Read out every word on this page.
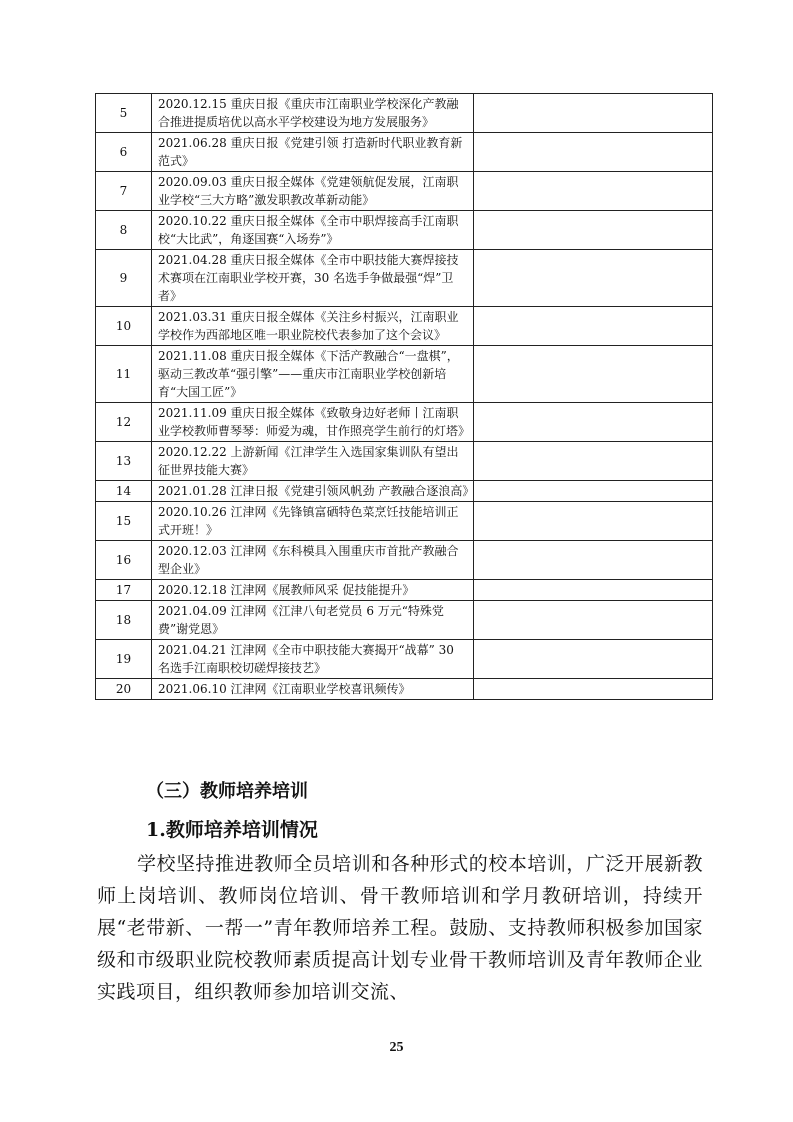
5	2020.12.15 重庆日报《重庆市江南职业学校深化产教融合推进提质培优以高水平学校建设为地方发展服务》	
6	2021.06.28 重庆日报《党建引领 打造新时代职业教育新范式》	
7	2020.09.03 重庆日报全媒体《党建领航促发展，江南职业学校“三大方略”激发职教改革新动能》	
8	2020.10.22 重庆日报全媒体《全市中职焊接高手江南职校“大比武”，角逐国赛“入场券”》	
9	2021.04.28 重庆日报全媒体《全市中职技能大赛焊接技术赛项在江南职业学校开赛，30 名选手争做最强“焊”卫者》	
10	2021.03.31 重庆日报全媒体《关注乡村振兴，江南职业学校作为西部地区唯一职业院校代表参加了这个会议》	
11	2021.11.08 重庆日报全媒体《下活产教融合“一盘棋”，驱动三教改革“强引擎”——重庆市江南职业学校创新培育“大国工匠”》	
12	2021.11.09 重庆日报全媒体《致敬身边好老师丨江南职业学校教师曹琴琴：师爱为魂，甘作照亮学生前行的灯塔》	
13	2020.12.22 上游新闻《江津学生入选国家集训队有望出征世界技能大赛》	
14	2021.01.28 江津日报《党建引领风帆劲 产教融合逐浪高》	
15	2020.10.26 江津网《先锋镇富硒特色菜烹饪技能培训正式开班！》	
16	2020.12.03 江津网《东科模具入围重庆市首批产教融合型企业》	
17	2020.12.18 江津网《展教师风采 促技能提升》	
18	2021.04.09 江津网《江津八旬老党员 6 万元“特殊党费”谢党恩》	
19	2021.04.21 江津网《全市中职技能大赛揭开“战幕” 30 名选手江南职校切磋焊接技艺》	
20	2021.06.10 江津网《江南职业学校喜讯频传》	
（三）教师培养培训
1.教师培养培训情况

学校坚持推进教师全员培训和各种形式的校本培训，广泛开展新教师上岗培训、教师岗位培训、骨干教师培训和学月教研培训，持续开展“老带新、一帮一”青年教师培养工程。鼓励、支持教师积极参加国家级和市级职业院校教师素质提高计划专业骨干教师培训及青年教师企业实践项目，组织教师参加培训交流、

25
